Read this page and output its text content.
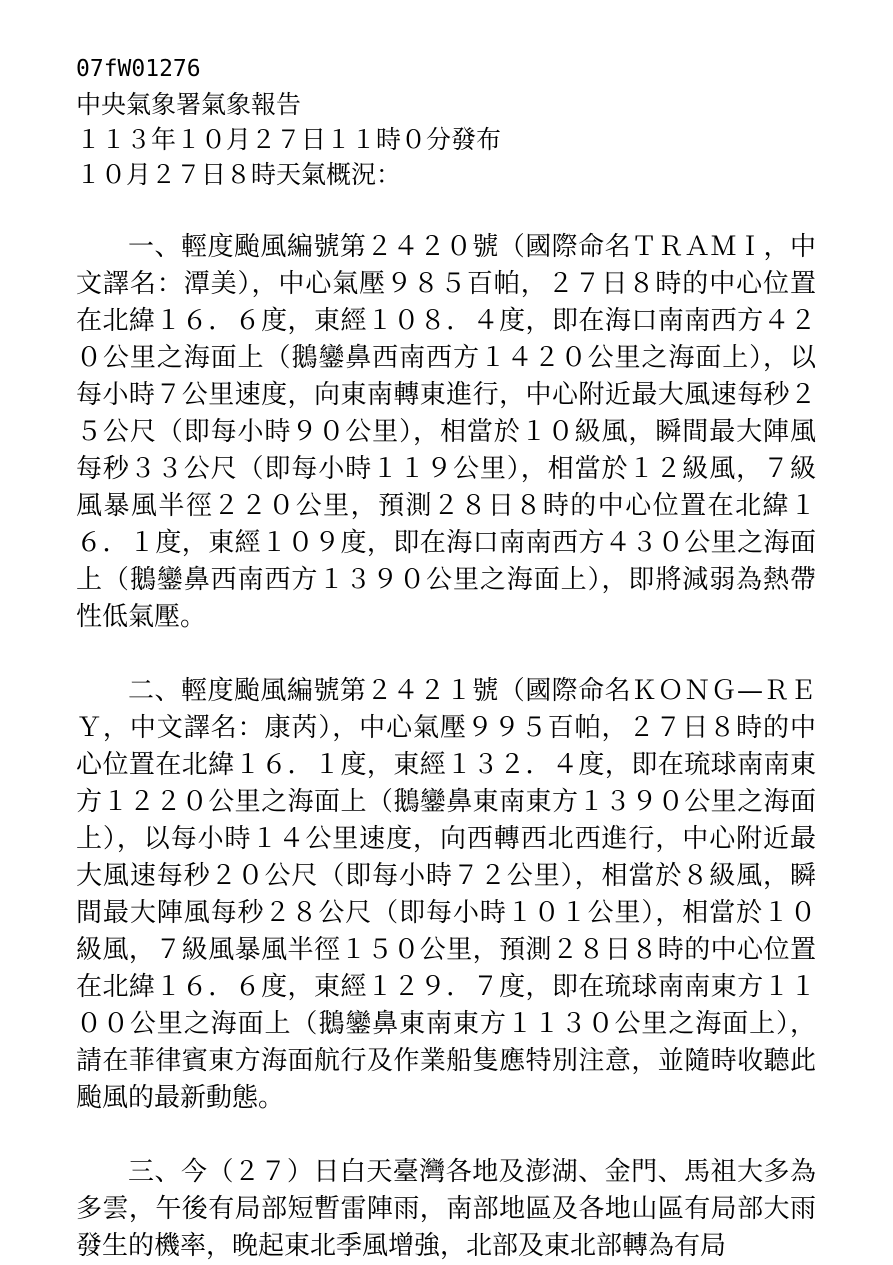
07fW01276
中央氣象署氣象報告
１１３年１０月２７日１１時０分發布
１０月２７日８時天氣概況：

一、輕度颱風編號第２４２０號（國際命名ＴＲＡＭＩ，中文譯名：潭美），中心氣壓９８５百帕，２７日８時的中心位置在北緯１６．６度，東經１０８．４度，即在海口南南西方４２０公里之海面上（鵝鑾鼻西南西方１４２０公里之海面上），以每小時７公里速度，向東南轉東進行，中心附近最大風速每秒２５公尺（即每小時９０公里），相當於１０級風，瞬間最大陣風每秒３３公尺（即每小時１１９公里），相當於１２級風，７級風暴風半徑２２０公里，預測２８日８時的中心位置在北緯１６．１度，東經１０９度，即在海口南南西方４３０公里之海面上（鵝鑾鼻西南西方１３９０公里之海面上），即將減弱為熱帶性低氣壓。

二、輕度颱風編號第２４２１號（國際命名ＫＯＮＧ—ＲＥＹ，中文譯名：康芮），中心氣壓９９５百帕，２７日８時的中心位置在北緯１６．１度，東經１３２．４度，即在琉球南南東方１２２０公里之海面上（鵝鑾鼻東南東方１３９０公里之海面上），以每小時１４公里速度，向西轉西北西進行，中心附近最大風速每秒２０公尺（即每小時７２公里），相當於８級風，瞬間最大陣風每秒２８公尺（即每小時１０１公里），相當於１０級風，７級風暴風半徑１５０公里，預測２８日８時的中心位置在北緯１６．６度，東經１２９．７度，即在琉球南南東方１１００公里之海面上（鵝鑾鼻東南東方１１３０公里之海面上），請在菲律賓東方海面航行及作業船隻應特別注意，並隨時收聽此颱風的最新動態。

三、今（２７）日白天臺灣各地及澎湖、金門、馬祖大多為多雲，午後有局部短暫雷陣雨，南部地區及各地山區有局部大雨發生的機率，晚起東北季風增強，北部及東北部轉為有局
